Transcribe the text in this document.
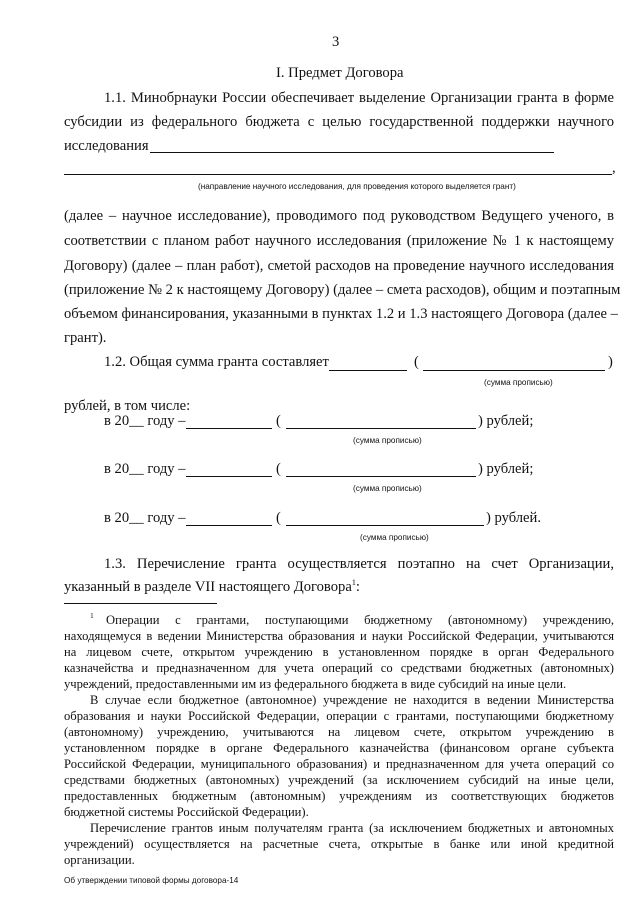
3
I. Предмет Договора
1.1. Минобрнауки России обеспечивает выделение Организации гранта в форме
субсидии из федерального бюджета с целью государственной поддержки научного
исследования
,
(направление научного исследования, для проведения которого выделяется грант)
(далее – научное исследование), проводимого под руководством Ведущего ученого, в
соответствии с планом работ научного исследования (приложение № 1 к настоящему
Договору) (далее – план работ), сметой расходов на проведение научного исследования
(приложение № 2 к настоящему Договору) (далее – смета расходов), общим и поэтапным
объемом финансирования, указанными в пунктах 1.2 и 1.3 настоящего Договора (далее –
грант).
1.2. Общая сумма гранта составляет	(	)
(сумма прописью)
рублей, в том числе:
в 20__ году –	(	) рублей;
(сумма прописью)
в 20__ году –	(	) рублей;
(сумма прописью)
в 20__ году –	(	) рублей.
(сумма прописью)
1.3. Перечисление гранта осуществляется поэтапно на счет Организации,
указанный в разделе VII настоящего Договора$^1$:
1 Операции с грантами, поступающими бюджетному (автономному) учреждению,
находящемуся в ведении Министерства образования и науки Российской Федерации, учитываются
на лицевом счете, открытом учреждению в установленном порядке в орган Федерального
казначейства и предназначенном для учета операций со средствами бюджетных (автономных)
учреждений, предоставленными им из федерального бюджета в виде субсидий на иные цели.
В случае если бюджетное (автономное) учреждение не находится в ведении Министерства
образования и науки Российской Федерации, операции с грантами, поступающими бюджетному
(автономному) учреждению, учитываются на лицевом счете, открытом учреждению в
установленном порядке в органе Федерального казначейства (финансовом органе субъекта
Российской Федерации, муниципального образования) и предназначенном для учета операций со
средствами бюджетных (автономных) учреждений (за исключением субсидий на иные цели,
предоставленных бюджетным (автономным) учреждениям из соответствующих бюджетов
бюджетной системы Российской Федерации).
Перечисление грантов иным получателям гранта (за исключением бюджетных и автономных
учреждений) осуществляется на расчетные счета, открытые в банке или иной кредитной
организации.
Об утверждении типовой формы договора-14
